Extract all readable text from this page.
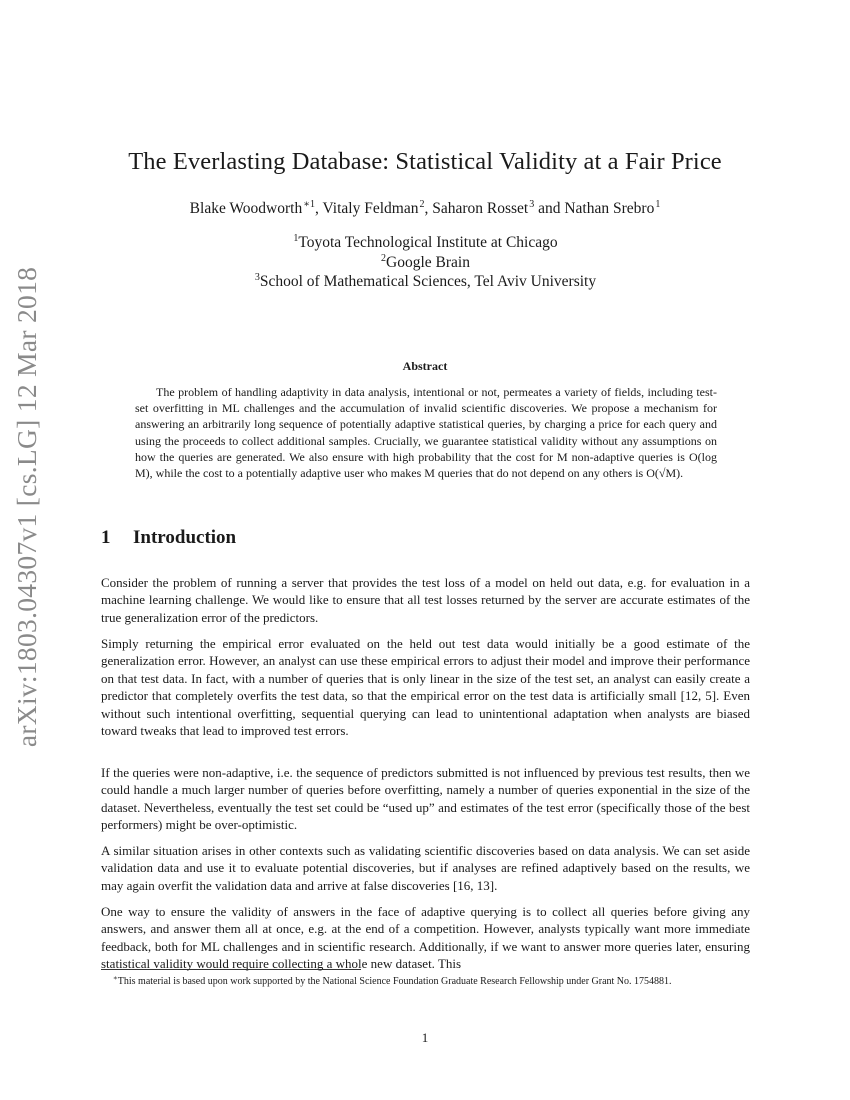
arXiv:1803.04307v1 [cs.LG] 12 Mar 2018
The Everlasting Database: Statistical Validity at a Fair Price
Blake Woodworth$^{∗1}$, Vitaly Feldman$^2$, Saharon Rosset$^3$ and Nathan Srebro$^1$
$^1$Toyota Technological Institute at Chicago
$^2$Google Brain
$^3$School of Mathematical Sciences, Tel Aviv University
Abstract
The problem of handling adaptivity in data analysis, intentional or not, permeates a variety of fields, including test-set overfitting in ML challenges and the accumulation of invalid scientific discoveries. We propose a mechanism for answering an arbitrarily long sequence of potentially adaptive statistical queries, by charging a price for each query and using the proceeds to collect additional samples. Crucially, we guarantee statistical validity without any assumptions on how the queries are generated. We also ensure with high probability that the cost for M non-adaptive queries is O(log M), while the cost to a potentially adaptive user who makes M queries that do not depend on any others is O(√M).
1 Introduction
Consider the problem of running a server that provides the test loss of a model on held out data, e.g. for evaluation in a machine learning challenge. We would like to ensure that all test losses returned by the server are accurate estimates of the true generalization error of the predictors.
Simply returning the empirical error evaluated on the held out test data would initially be a good estimate of the generalization error. However, an analyst can use these empirical errors to adjust their model and improve their performance on that test data. In fact, with a number of queries that is only linear in the size of the test set, an analyst can easily create a predictor that completely overfits the test data, so that the empirical error on the test data is artificially small [12, 5]. Even without such intentional overfitting, sequential querying can lead to unintentional adaptation when analysts are biased toward tweaks that lead to improved test errors.
If the queries were non-adaptive, i.e. the sequence of predictors submitted is not influenced by previous test results, then we could handle a much larger number of queries before overfitting, namely a number of queries exponential in the size of the dataset. Nevertheless, eventually the test set could be “used up” and estimates of the test error (specifically those of the best performers) might be over-optimistic.
A similar situation arises in other contexts such as validating scientific discoveries based on data analysis. We can set aside validation data and use it to evaluate potential discoveries, but if analyses are refined adaptively based on the results, we may again overfit the validation data and arrive at false discoveries [16, 13].
One way to ensure the validity of answers in the face of adaptive querying is to collect all queries before giving any answers, and answer them all at once, e.g. at the end of a competition. However, analysts typically want more immediate feedback, both for ML challenges and in scientific research. Additionally, if we want to answer more queries later, ensuring statistical validity would require collecting a whole new dataset. This
∗This material is based upon work supported by the National Science Foundation Graduate Research Fellowship under Grant No. 1754881.
1
